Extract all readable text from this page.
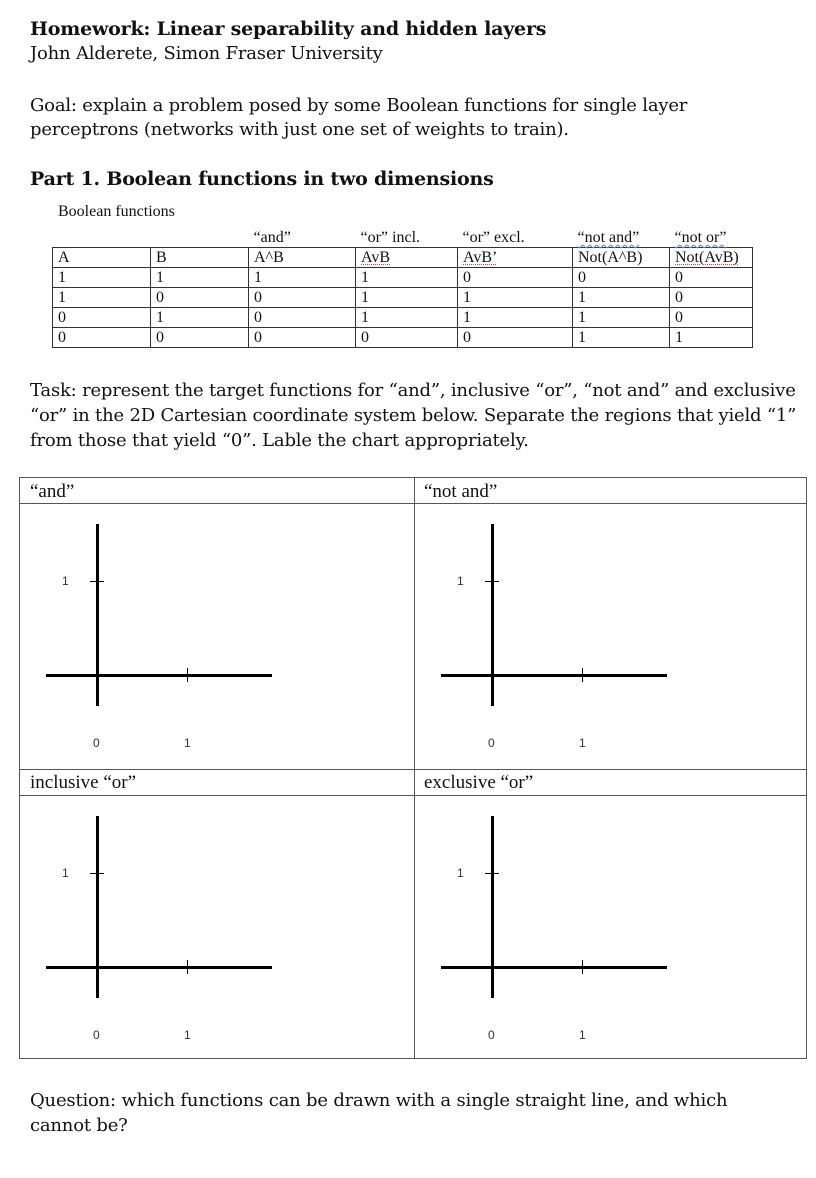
Homework: Linear separability and hidden layers
John Alderete, Simon Fraser University
Goal: explain a problem posed by some Boolean functions for single layer perceptrons (networks with just one set of weights to train).
Part 1. Boolean functions in two dimensions
Boolean functions
		“and”	“or” incl.	“or” excl.	“not and”	“not or”
A	B	A^B	AvB	AvB’	Not(A^B)	Not(AvB)
1	1	1	1	0	0	0
1	0	0	1	1	1	0
0	1	0	1	1	1	0
0	0	0	0	0	1	1
Task: represent the target functions for “and”, inclusive “or”, “not and” and exclusive “or” in the 2D Cartesian coordinate system below. Separate the regions that yield “1” from those that yield “0”. Lable the chart appropriately.
“and”	“not and”
inclusive “or”	exclusive “or”
1
0	1
1
0	1
1
0	1
1
0	1
Question: which functions can be drawn with a single straight line, and which cannot be?
